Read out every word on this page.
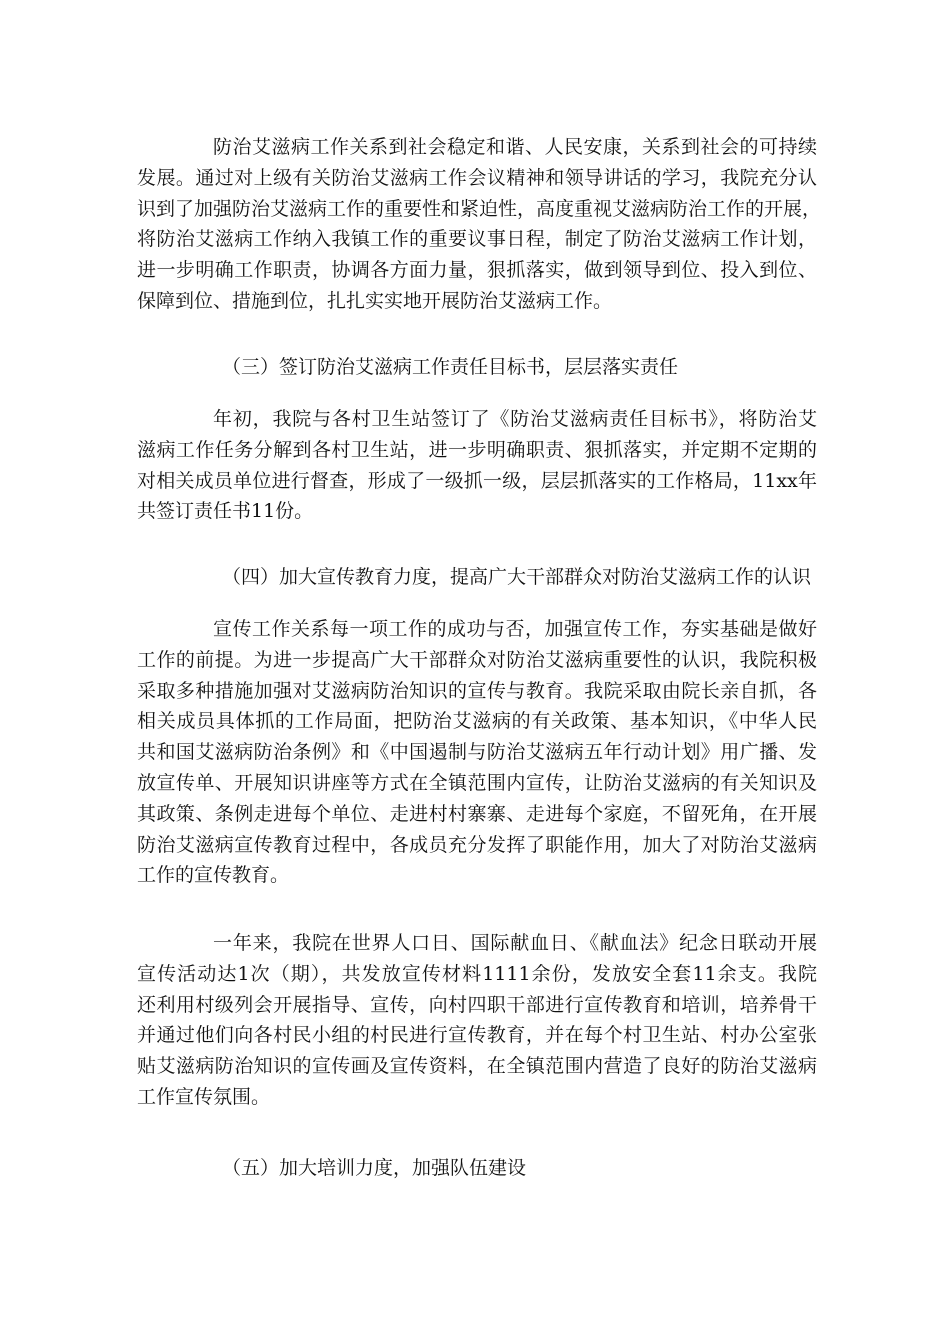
防治艾滋病工作关系到社会稳定和谐、人民安康，关系到社会的可持续
发展。通过对上级有关防治艾滋病工作会议精神和领导讲话的学习，我院充分认
识到了加强防治艾滋病工作的重要性和紧迫性，高度重视艾滋病防治工作的开展，
将防治艾滋病工作纳入我镇工作的重要议事日程，制定了防治艾滋病工作计划，
进一步明确工作职责，协调各方面力量，狠抓落实，做到领导到位、投入到位、
保障到位、措施到位，扎扎实实地开展防治艾滋病工作。
（三）签订防治艾滋病工作责任目标书，层层落实责任
年初，我院与各村卫生站签订了《防治艾滋病责任目标书》，将防治艾
滋病工作任务分解到各村卫生站，进一步明确职责、狠抓落实，并定期不定期的
对相关成员单位进行督查，形成了一级抓一级，层层抓落实的工作格局，11xx年
共签订责任书11份。
（四）加大宣传教育力度，提高广大干部群众对防治艾滋病工作的认识
宣传工作关系每一项工作的成功与否，加强宣传工作，夯实基础是做好
工作的前提。为进一步提高广大干部群众对防治艾滋病重要性的认识，我院积极
采取多种措施加强对艾滋病防治知识的宣传与教育。我院采取由院长亲自抓，各
相关成员具体抓的工作局面，把防治艾滋病的有关政策、基本知识，《中华人民
共和国艾滋病防治条例》和《中国遏制与防治艾滋病五年行动计划》用广播、发
放宣传单、开展知识讲座等方式在全镇范围内宣传，让防治艾滋病的有关知识及
其政策、条例走进每个单位、走进村村寨寨、走进每个家庭，不留死角，在开展
防治艾滋病宣传教育过程中，各成员充分发挥了职能作用，加大了对防治艾滋病
工作的宣传教育。
一年来，我院在世界人口日、国际献血日、《献血法》纪念日联动开展
宣传活动达1次（期），共发放宣传材料1111余份，发放安全套11余支。我院
还利用村级列会开展指导、宣传，向村四职干部进行宣传教育和培训，培养骨干
并通过他们向各村民小组的村民进行宣传教育，并在每个村卫生站、村办公室张
贴艾滋病防治知识的宣传画及宣传资料，在全镇范围内营造了良好的防治艾滋病
工作宣传氛围。
（五）加大培训力度，加强队伍建设
